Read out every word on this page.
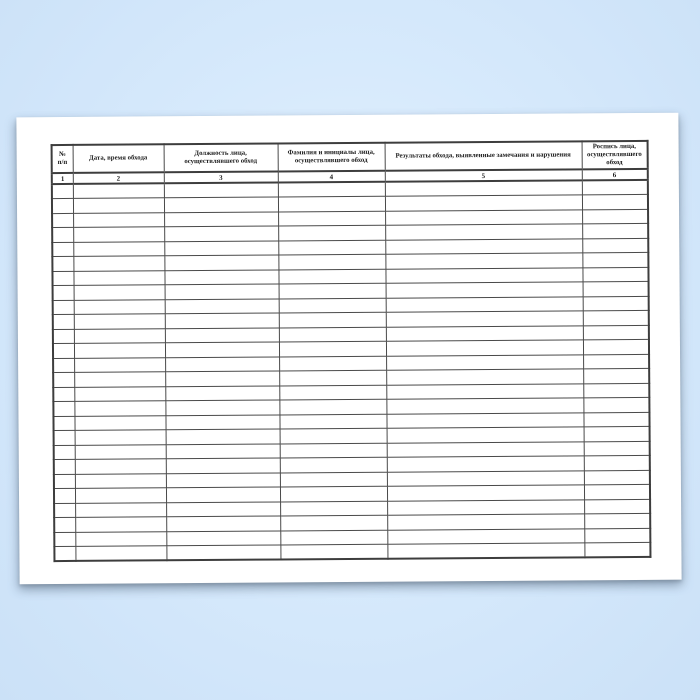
№ п/п	Дата, время обхода	Должность лица, осуществлявшего обход	Фамилия и инициалы лица, осуществлявшего обход	Результаты обхода, выявленные замечания и нарушения	Роспись лица, осуществлявшего обход
1	2	3	4	5	6
